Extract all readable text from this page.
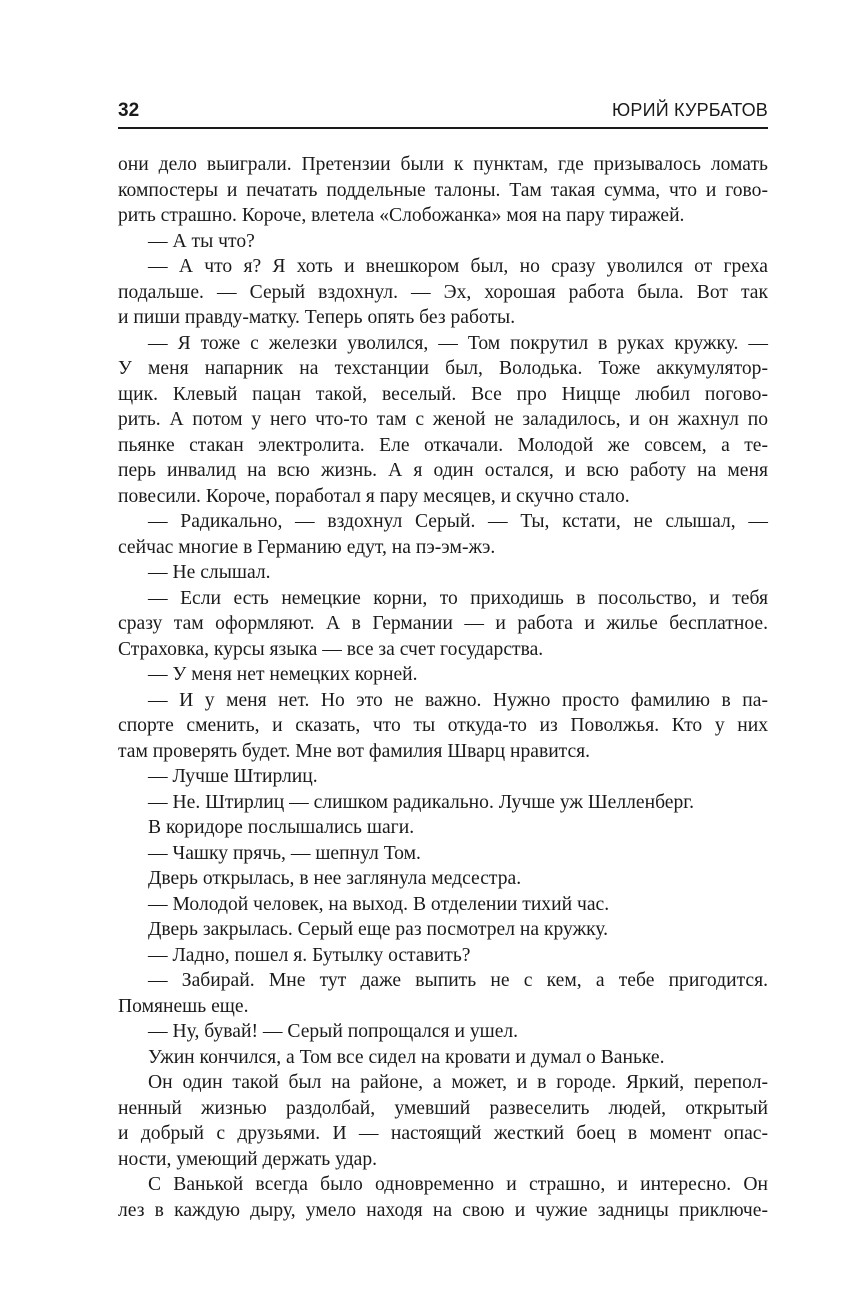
32	ЮРИЙ КУРБАТОВ
они дело выиграли. Претензии были к пунктам, где призывалось ломать
компостеры и печатать поддельные талоны. Там такая сумма, что и гово-
рить страшно. Короче, влетела «Слобожанка» моя на пару тиражей.
— А ты что?
— А что я? Я хоть и внешкором был, но сразу уволился от греха
подальше. — Серый вздохнул. — Эх, хорошая работа была. Вот так
и пиши правду-матку. Теперь опять без работы.
— Я тоже с железки уволился, — Том покрутил в руках кружку. —
У меня напарник на техстанции был, Володька. Тоже аккумулятор-
щик. Клевый пацан такой, веселый. Все про Ницще любил погово-
рить. А потом у него что-то там с женой не заладилось, и он жахнул по
пьянке стакан электролита. Еле откачали. Молодой же совсем, а те-
перь инвалид на всю жизнь. А я один остался, и всю работу на меня
повесили. Короче, поработал я пару месяцев, и скучно стало.
— Радикально, — вздохнул Серый. — Ты, кстати, не слышал, —
сейчас многие в Германию едут, на пэ-эм-жэ.
— Не слышал.
— Если есть немецкие корни, то приходишь в посольство, и тебя
сразу там оформляют. А в Германии — и работа и жилье бесплатное.
Страховка, курсы языка — все за счет государства.
— У меня нет немецких корней.
— И у меня нет. Но это не важно. Нужно просто фамилию в па-
спорте сменить, и сказать, что ты откуда-то из Поволжья. Кто у них
там проверять будет. Мне вот фамилия Шварц нравится.
— Лучше Штирлиц.
— Не. Штирлиц — слишком радикально. Лучше уж Шелленберг.
В коридоре послышались шаги.
— Чашку прячь, — шепнул Том.
Дверь открылась, в нее заглянула медсестра.
— Молодой человек, на выход. В отделении тихий час.
Дверь закрылась. Серый еще раз посмотрел на кружку.
— Ладно, пошел я. Бутылку оставить?
— Забирай. Мне тут даже выпить не с кем, а тебе пригодится.
Помянешь еще.
— Ну, бувай! — Серый попрощался и ушел.
Ужин кончился, а Том все сидел на кровати и думал о Ваньке.
Он один такой был на районе, а может, и в городе. Яркий, перепол-
ненный жизнью раздолбай, умевший развеселить людей, открытый
и добрый с друзьями. И — настоящий жесткий боец в момент опас-
ности, умеющий держать удар.
С Ванькой всегда было одновременно и страшно, и интересно. Он
лез в каждую дыру, умело находя на свою и чужие задницы приключе-
